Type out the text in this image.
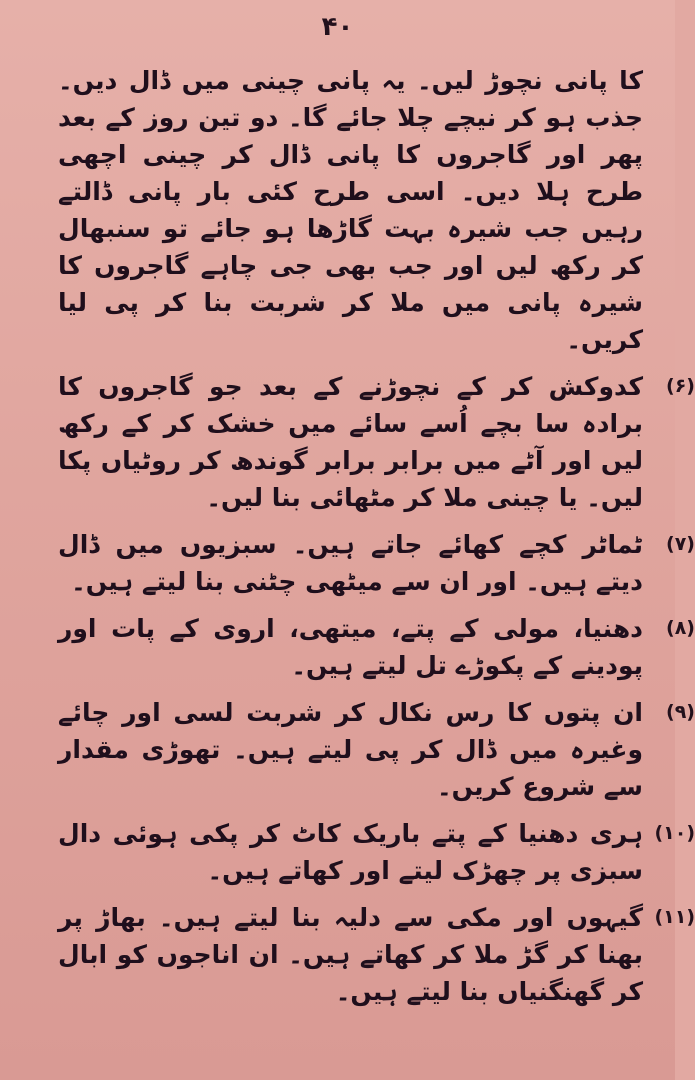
۴۰

کا پانی نچوڑ لیں۔ یہ پانی چینی میں ڈال دیں۔ جذب ہو کر نیچے چلا جائے گا۔ دو تین روز کے بعد پھر اور گاجروں کا پانی ڈال کر چینی اچھی طرح ہلا دیں۔ اسی طرح کئی بار پانی ڈالتے رہیں جب شیرہ بہت گاڑھا ہو جائے تو سنبھال کر رکھ لیں اور جب بھی جی چاہے گاجروں کا شیرہ پانی میں ملا کر شربت بنا کر پی لیا کریں۔

(۶)
کدوکش کر کے نچوڑنے کے بعد جو گاجروں کا برادہ سا بچے اُسے سائے میں خشک کر کے رکھ لیں اور آٹے میں برابر برابر گوندھ کر روٹیاں پکا لیں۔ یا چینی ملا کر مٹھائی بنا لیں۔
(۷)
ٹماٹر کچے کھائے جاتے ہیں۔ سبزیوں میں ڈال دیتے ہیں۔ اور ان سے میٹھی چٹنی بنا لیتے ہیں۔
(۸)
دھنیا، مولی کے پتے، میتھی، اروی کے پات اور پودینے کے پکوڑے تل لیتے ہیں۔
(۹)
ان پتوں کا رس نکال کر شربت لسی اور چائے وغیرہ میں ڈال کر پی لیتے ہیں۔ تھوڑی مقدار سے شروع کریں۔
(۱۰)
ہری دھنیا کے پتے باریک کاٹ کر پکی ہوئی دال سبزی پر چھڑک لیتے اور کھاتے ہیں۔
(۱۱)
گیہوں اور مکی سے دلیہ بنا لیتے ہیں۔ بھاڑ پر بھنا کر گڑ ملا کر کھاتے ہیں۔ ان اناجوں کو ابال کر گھنگنیاں بنا لیتے ہیں۔
